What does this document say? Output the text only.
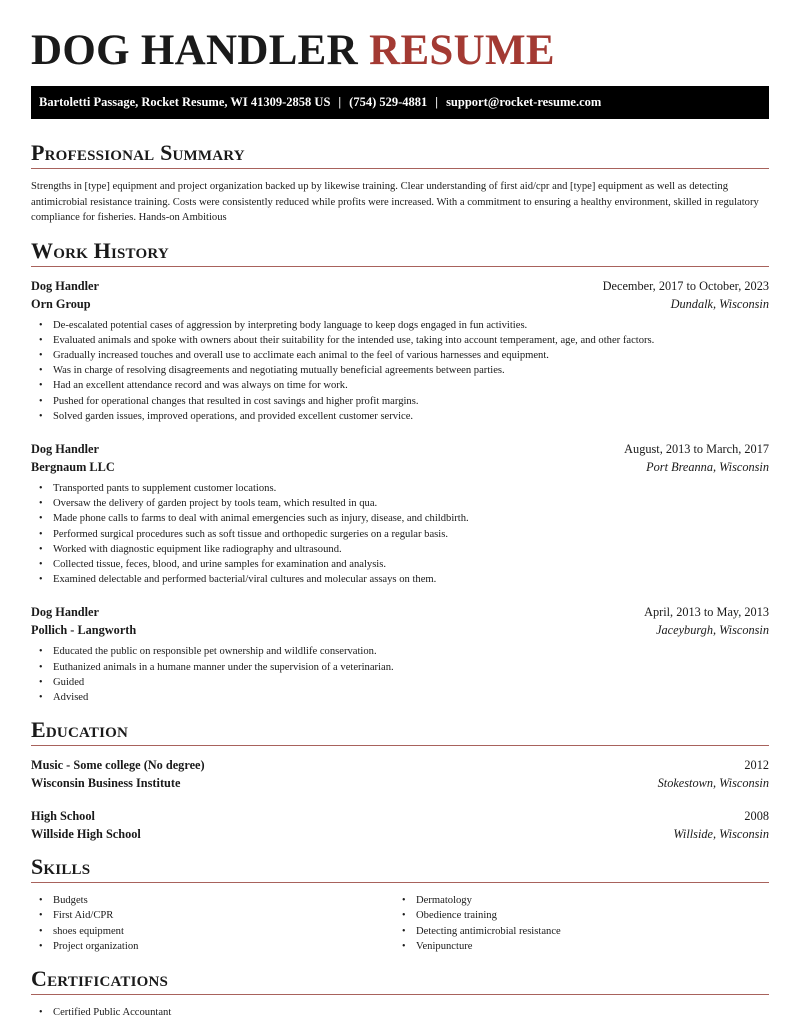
DOG HANDLER RESUME
Bartoletti Passage, Rocket Resume, WI 41309-2858 US | (754) 529-4881 | support@rocket-resume.com
Professional Summary

Strengths in [type] equipment and project organization backed up by likewise training. Clear understanding of first aid/cpr and [type] equipment as well as detecting antimicrobial resistance training. Costs were consistently reduced while profits were increased. With a commitment to ensuring a healthy environment, skilled in regulatory compliance for fisheries. Hands-on Ambitious

Work History
Dog Handler	December, 2017 to October, 2023
Orn Group	Dundalk, Wisconsin
• De-escalated potential cases of aggression by interpreting body language to keep dogs engaged in fun activities.
• Evaluated animals and spoke with owners about their suitability for the intended use, taking into account temperament, age, and other factors.
• Gradually increased touches and overall use to acclimate each animal to the feel of various harnesses and equipment.
• Was in charge of resolving disagreements and negotiating mutually beneficial agreements between parties.
• Had an excellent attendance record and was always on time for work.
• Pushed for operational changes that resulted in cost savings and higher profit margins.
• Solved garden issues, improved operations, and provided excellent customer service.
Dog Handler	August, 2013 to March, 2017
Bergnaum LLC	Port Breanna, Wisconsin
• Transported pants to supplement customer locations.
• Oversaw the delivery of garden project by tools team, which resulted in qua.
• Made phone calls to farms to deal with animal emergencies such as injury, disease, and childbirth.
• Performed surgical procedures such as soft tissue and orthopedic surgeries on a regular basis.
• Worked with diagnostic equipment like radiography and ultrasound.
• Collected tissue, feces, blood, and urine samples for examination and analysis.
• Examined delectable and performed bacterial/viral cultures and molecular assays on them.
Dog Handler	April, 2013 to May, 2013
Pollich - Langworth	Jaceyburgh, Wisconsin
• Educated the public on responsible pet ownership and wildlife conservation.
• Euthanized animals in a humane manner under the supervision of a veterinarian.
• Guided
• Advised
Education
Music - Some college (No degree)	2012
Wisconsin Business Institute	Stokestown, Wisconsin
High School	2008
Willside High School	Willside, Wisconsin
Skills
• Budgets
• First Aid/CPR
• shoes equipment
• Project organization
• Dermatology
• Obedience training
• Detecting antimicrobial resistance
• Venipuncture
Certifications
• Certified Public Accountant
